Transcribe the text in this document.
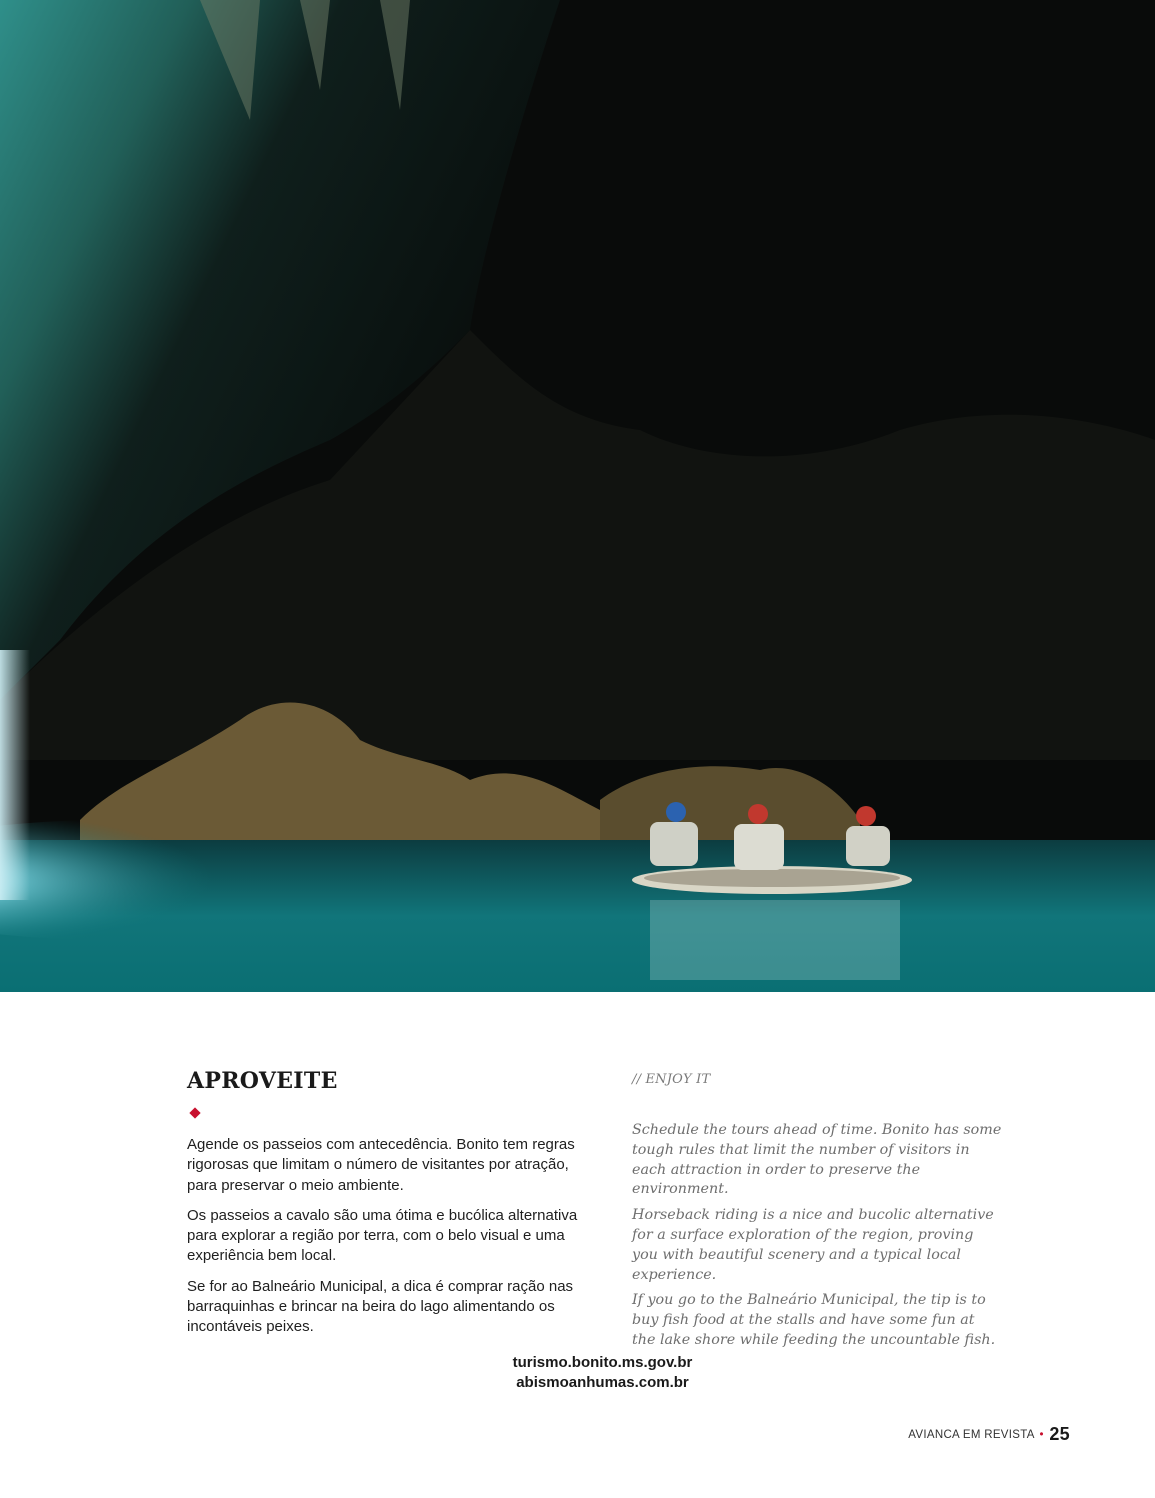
APROVEITE

Agende os passeios com antecedência. Bonito tem regras rigorosas que limitam o número de visitantes por atração, para preservar o meio ambiente.

Os passeios a cavalo são uma ótima e bucólica alternativa para explorar a região por terra, com o belo visual e uma experiência bem local.

Se for ao Balneário Municipal, a dica é comprar ração nas barraquinhas e brincar na beira do lago alimentando os incontáveis peixes.

// ENJOY IT

Schedule the tours ahead of time. Bonito has some tough rules that limit the number of visitors in each attraction in order to preserve the environment.

Horseback riding is a nice and bucolic alternative for a surface exploration of the region, proving you with beautiful scenery and a typical local experience.

If you go to the Balneário Municipal, the tip is to buy fish food at the stalls and have some fun at the lake shore while feeding the uncountable fish.

turismo.bonito.ms.gov.br
abismoanhumas.com.br
AVIANCA EM REVISTA • 25
